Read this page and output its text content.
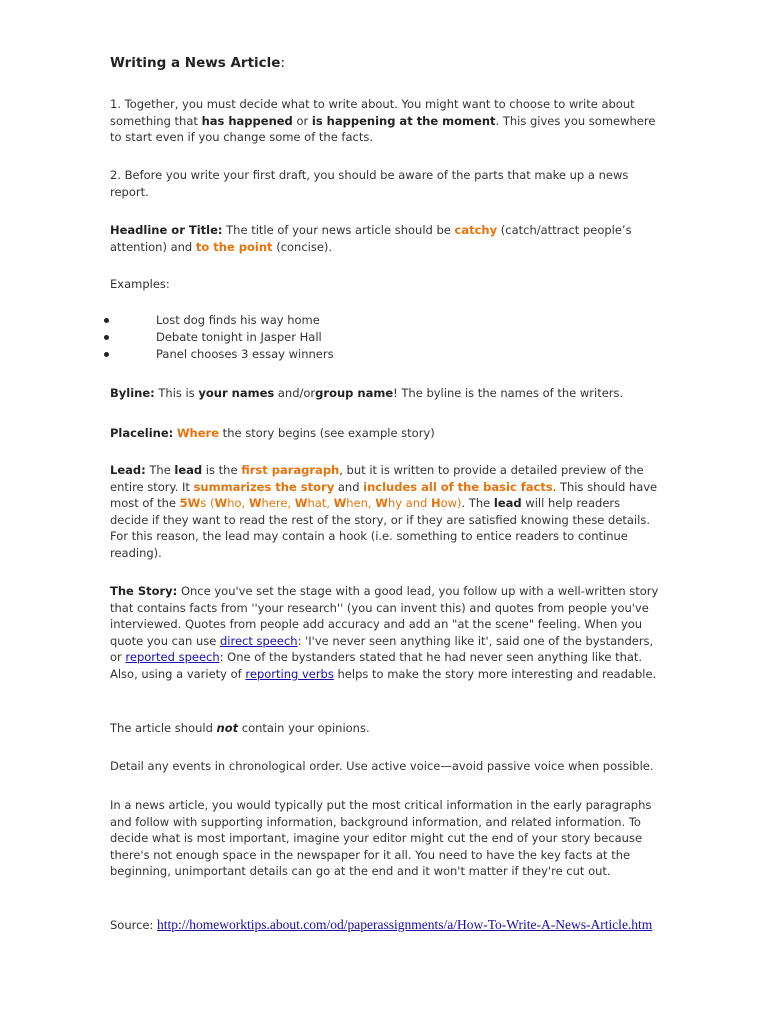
Writing a News Article:

1. Together, you must decide what to write about. You might want to choose to write about something that has happened or is happening at the moment. This gives you somewhere to start even if you change some of the facts.

2. Before you write your first draft, you should be aware of the parts that make up a news report.

Headline or Title: The title of your news article should be catchy (catch/attract people’s attention) and to the point (concise).

Examples:

Lost dog finds his way home
Debate tonight in Jasper Hall
Panel chooses 3 essay winners

Byline: This is your names and/orgroup name! The byline is the names of the writers.

Placeline: Where the story begins (see example story)

Lead: The lead is the first paragraph, but it is written to provide a detailed preview of the entire story. It summarizes the story and includes all of the basic facts. This should have most of the 5Ws (Who, Where, What, When, Why and How). The lead will help readers decide if they want to read the rest of the story, or if they are satisfied knowing these details. For this reason, the lead may contain a hook (i.e. something to entice readers to continue reading).

The Story: Once you've set the stage with a good lead, you follow up with a well-written story that contains facts from ''your research'' (you can invent this) and quotes from people you've interviewed. Quotes from people add accuracy and add an "at the scene" feeling. When you quote you can use direct speech: 'I've never seen anything like it', said one of the bystanders, or reported speech: One of the bystanders stated that he had never seen anything like that. Also, using a variety of reporting verbs helps to make the story more interesting and readable.

The article should not contain your opinions.

Detail any events in chronological order. Use active voice—avoid passive voice when possible.

In a news article, you would typically put the most critical information in the early paragraphs and follow with supporting information, background information, and related information. To decide what is most important, imagine your editor might cut the end of your story because there's not enough space in the newspaper for it all. You need to have the key facts at the beginning, unimportant details can go at the end and it won't matter if they're cut out.

Source: http://homeworktips.about.com/od/paperassignments/a/How-To-Write-A-News-Article.htm
